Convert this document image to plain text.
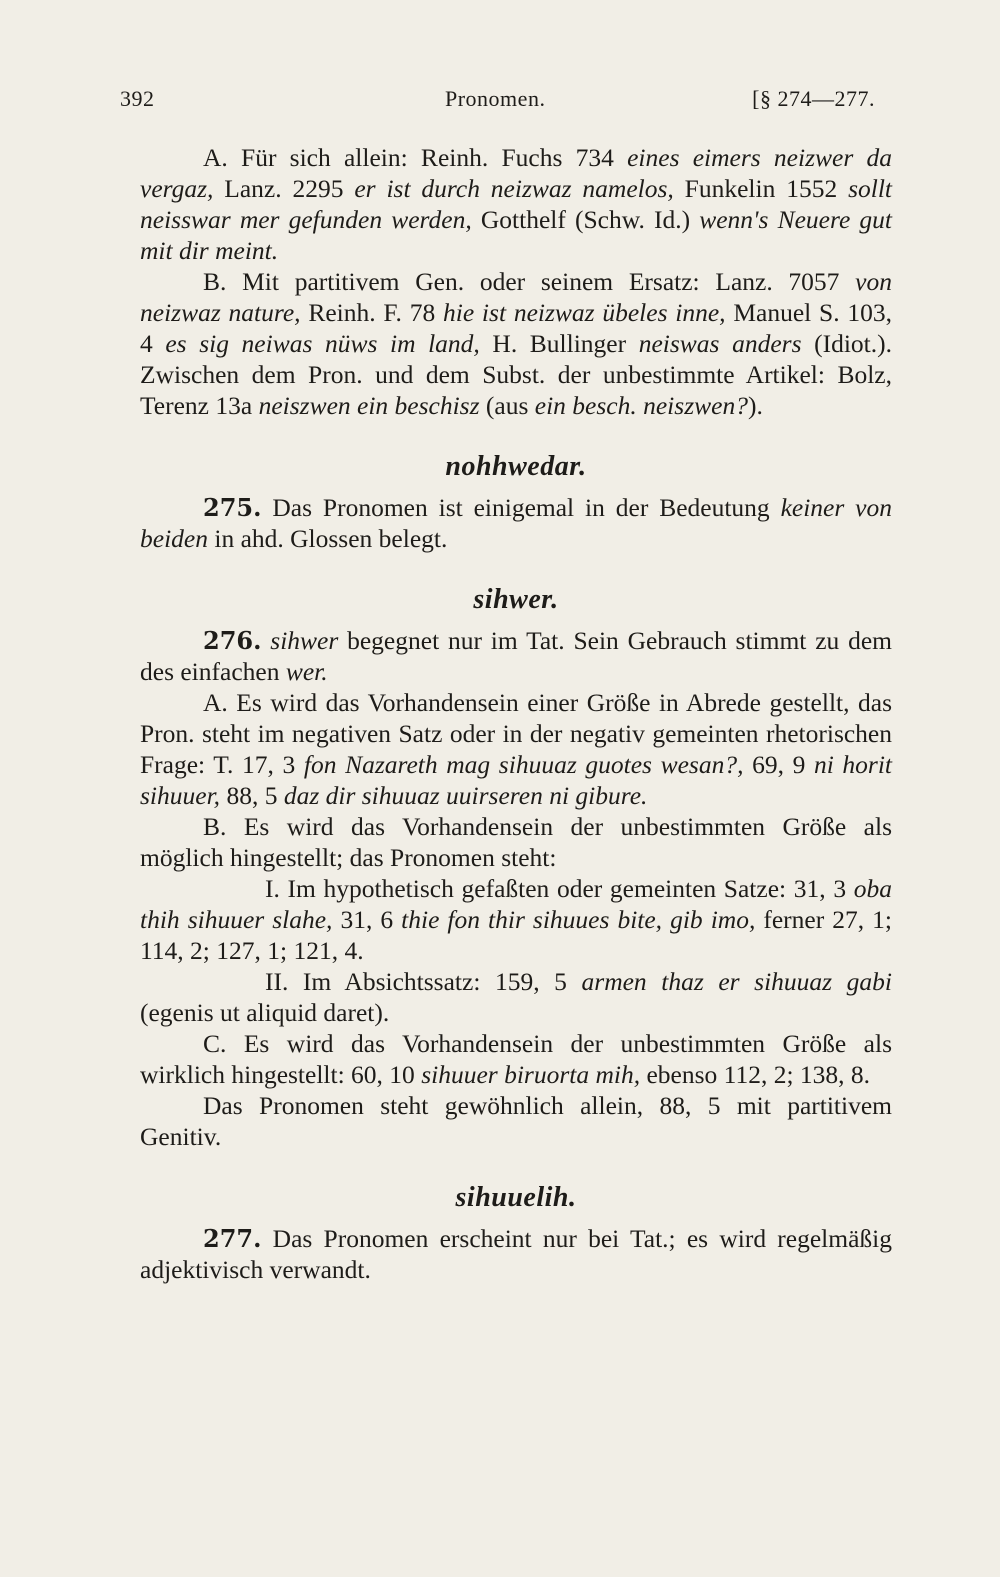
392	Pronomen.	[§ 274—277.

A. Für sich allein: Reinh. Fuchs 734 eines eimers neizwer da vergaz, Lanz. 2295 er ist durch neizwaz namelos, Funkelin 1552 sollt neisswar mer gefunden werden, Gotthelf (Schw. Id.) wenn's Neuere gut mit dir meint.

B. Mit partitivem Gen. oder seinem Ersatz: Lanz. 7057 von neizwaz nature, Reinh. F. 78 hie ist neizwaz übeles inne, Manuel S. 103, 4 es sig neiwas nüws im land, H. Bullinger neiswas anders (Idiot.). Zwischen dem Pron. und dem Subst. der unbestimmte Artikel: Bolz, Terenz 13a neiszwen ein beschisz (aus ein besch. neiszwen?).

nohhwedar.

275. Das Pronomen ist einigemal in der Bedeutung keiner von beiden in ahd. Glossen belegt.

sihwer.

276. sihwer begegnet nur im Tat. Sein Gebrauch stimmt zu dem des einfachen wer.

A. Es wird das Vorhandensein einer Größe in Abrede gestellt, das Pron. steht im negativen Satz oder in der negativ gemeinten rhetorischen Frage: T. 17, 3 fon Nazareth mag sihuuaz guotes wesan?, 69, 9 ni horit sihuuer, 88, 5 daz dir sihuuaz uuirseren ni gibure.

B. Es wird das Vorhandensein der unbestimmten Größe als möglich hingestellt; das Pronomen steht:

I. Im hypothetisch gefaßten oder gemeinten Satze: 31, 3 oba thih sihuuer slahe, 31, 6 thie fon thir sihuues bite, gib imo, ferner 27, 1; 114, 2; 127, 1; 121, 4.

II. Im Absichtssatz: 159, 5 armen thaz er sihuuaz gabi (egenis ut aliquid daret).

C. Es wird das Vorhandensein der unbestimmten Größe als wirklich hingestellt: 60, 10 sihuuer biruorta mih, ebenso 112, 2; 138, 8.

Das Pronomen steht gewöhnlich allein, 88, 5 mit partitivem Genitiv.

sihuuelih.

277. Das Pronomen erscheint nur bei Tat.; es wird regelmäßig adjektivisch verwandt.
